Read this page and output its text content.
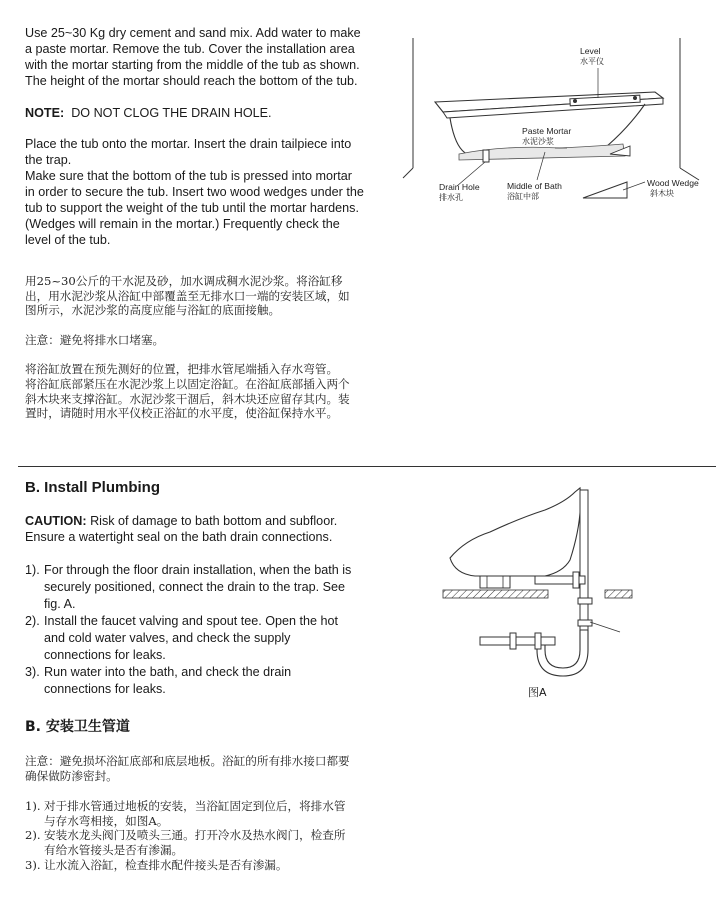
Use 25~30 Kg dry cement and sand mix. Add water to make a paste mortar. Remove the tub. Cover the installation area with the mortar starting from the middle of the tub as shown. The height of the mortar should reach the bottom of the tub.

NOTE: DO NOT CLOG THE DRAIN HOLE.

Place the tub onto the mortar. Insert the drain tailpiece into the trap.

Make sure that the bottom of the tub is pressed into mortar in order to secure the tub. Insert two wood wedges under the tub to support the weight of the tub until the mortar hardens. (Wedges will remain in the mortar.) Frequently check the level of the tub.

用25~30公斤的干水泥及砂，加水调成稠水泥沙浆。将浴缸移出，用水泥沙浆从浴缸中部覆盖至无排水口一端的安装区域，如图所示，水泥沙浆的高度应能与浴缸的底面接触。

注意：避免将排水口堵塞。

将浴缸放置在预先测好的位置，把排水管尾端插入存水弯管。

将浴缸底部紧压在水泥沙浆上以固定浴缸。在浴缸底部插入两个斜木块来支撑浴缸。水泥沙浆干涸后，斜木块还应留存其内。装置时，请随时用水平仪校正浴缸的水平度，使浴缸保持水平。

Level
水平仪
Paste Mortar
水泥沙浆
Drain Hole
排水孔
Middle of Bath
浴缸中部
Wood Wedge
斜木块
B. Install Plumbing

CAUTION: Risk of damage to bath bottom and subfloor. Ensure a watertight seal on the bath drain connections.

1). For through the floor drain installation, when the bath is securely positioned, connect the drain to the trap. See fig. A.
2). Install the faucet valving and spout tee. Open the hot and cold water valves, and check the supply connections for leaks.
3). Run water into the bath, and check the drain connections for leaks.
B. 安装卫生管道

注意：避免损坏浴缸底部和底层地板。浴缸的所有排水接口都要确保做防渗密封。

1). 对于排水管通过地板的安装，当浴缸固定到位后，将排水管与存水弯相接，如图A。
2). 安装水龙头阀门及喷头三通。打开冷水及热水阀门，检查所有给水管接头是否有渗漏。
3). 让水流入浴缸，检查排水配件接头是否有渗漏。
图A
